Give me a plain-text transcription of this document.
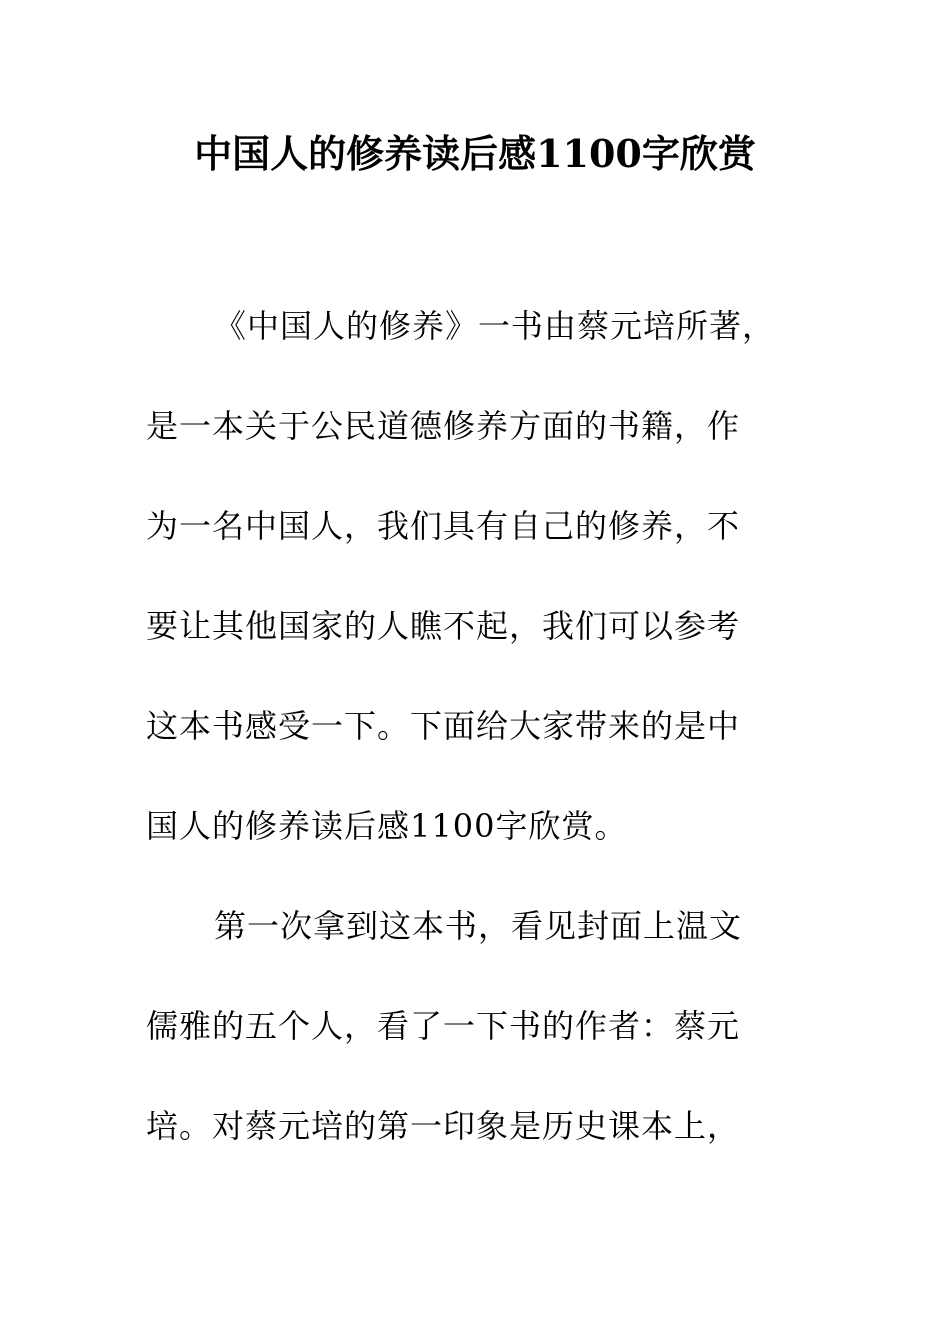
中国人的修养读后感1100字欣赏
《中国人的修养》一书由蔡元培所著，
是一本关于公民道德修养方面的书籍，作
为一名中国人，我们具有自己的修养，不
要让其他国家的人瞧不起，我们可以参考
这本书感受一下。下面给大家带来的是中
国人的修养读后感1100字欣赏。
第一次拿到这本书，看见封面上温文
儒雅的五个人，看了一下书的作者：蔡元
培。对蔡元培的第一印象是历史课本上，
